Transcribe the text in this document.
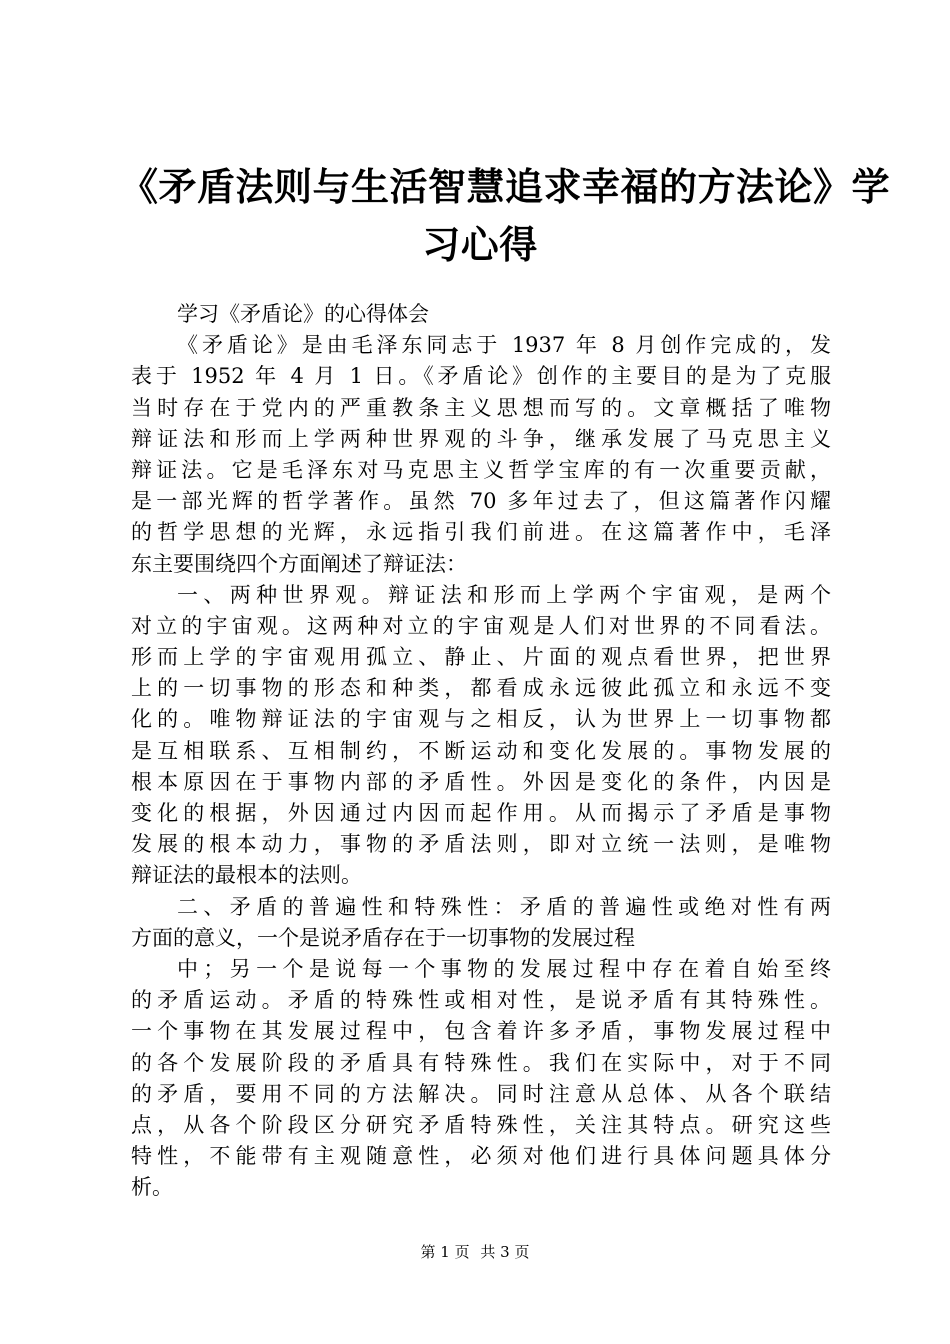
《矛盾法则与生活智慧追求幸福的方法论》学
习心得
学习《矛盾论》的心得体会
《矛盾论》是由毛泽东同志于 1937 年 8 月创作完成的，发
表于 1952 年 4 月 1 日。《矛盾论》创作的主要目的是为了克服
当时存在于党内的严重教条主义思想而写的。文章概括了唯物
辩证法和形而上学两种世界观的斗争，继承发展了马克思主义
辩证法。它是毛泽东对马克思主义哲学宝库的有一次重要贡献，
是一部光辉的哲学著作。虽然 70 多年过去了，但这篇著作闪耀
的哲学思想的光辉，永远指引我们前进。在这篇著作中，毛泽
东主要围绕四个方面阐述了辩证法：
一、两种世界观。辩证法和形而上学两个宇宙观，是两个
对立的宇宙观。这两种对立的宇宙观是人们对世界的不同看法。
形而上学的宇宙观用孤立、静止、片面的观点看世界，把世界
上的一切事物的形态和种类，都看成永远彼此孤立和永远不变
化的。唯物辩证法的宇宙观与之相反，认为世界上一切事物都
是互相联系、互相制约，不断运动和变化发展的。事物发展的
根本原因在于事物内部的矛盾性。外因是变化的条件，内因是
变化的根据，外因通过内因而起作用。从而揭示了矛盾是事物
发展的根本动力，事物的矛盾法则，即对立统一法则，是唯物
辩证法的最根本的法则。
二、矛盾的普遍性和特殊性：矛盾的普遍性或绝对性有两
方面的意义，一个是说矛盾存在于一切事物的发展过程
中；另一个是说每一个事物的发展过程中存在着自始至终
的矛盾运动。矛盾的特殊性或相对性，是说矛盾有其特殊性。
一个事物在其发展过程中，包含着许多矛盾，事物发展过程中
的各个发展阶段的矛盾具有特殊性。我们在实际中，对于不同
的矛盾，要用不同的方法解决。同时注意从总体、从各个联结
点，从各个阶段区分研究矛盾特殊性，关注其特点。研究这些
特性，不能带有主观随意性，必须对他们进行具体问题具体分
析。
第 1 页 共 3 页
